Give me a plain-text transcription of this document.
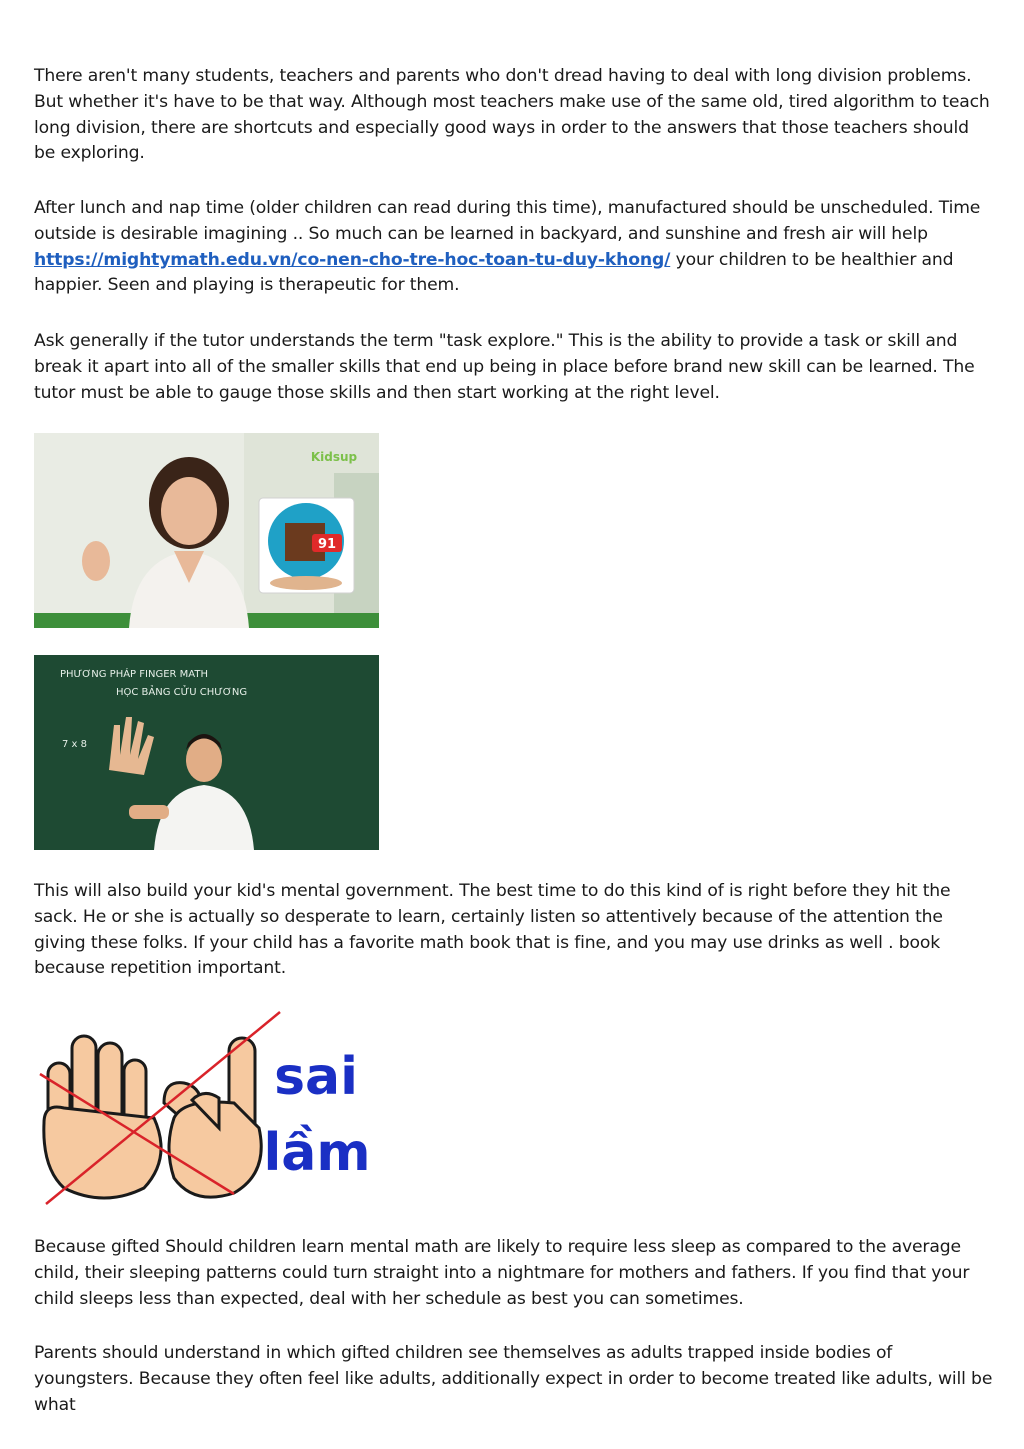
There aren't many students, teachers and parents who don't dread having to deal with long division problems. But whether it's have to be that way. Although most teachers make use of the same old, tired algorithm to teach long division, there are shortcuts and especially good ways in order to the answers that those teachers should be exploring.

After lunch and nap time (older children can read during this time), manufactured should be unscheduled. Time outside is desirable imagining .. So much can be learned in backyard, and sunshine and fresh air will help https://mightymath.edu.vn/co-nen-cho-tre-hoc-toan-tu-duy-khong/ your children to be healthier and happier. Seen and playing is therapeutic for them.

Ask generally if the tutor understands the term "task explore." This is the ability to provide a task or skill and break it apart into all of the smaller skills that end up being in place before brand new skill can be learned. The tutor must be able to gauge those skills and then start working at the right level.

91
Kidsup
PHƯƠNG PHÁP FINGER MATH
HỌC BẢNG CỬU CHƯƠNG
7 x 8

This will also build your kid's mental government. The best time to do this kind of is right before they hit the sack. He or she is actually so desperate to learn, certainly listen so attentively because of the attention the giving these folks. If your child has a favorite math book that is fine, and you may use drinks as well . book because repetition important.

sai
lầm

Because gifted Should children learn mental math are likely to require less sleep as compared to the average child, their sleeping patterns could turn straight into a nightmare for mothers and fathers. If you find that your child sleeps less than expected, deal with her schedule as best you can sometimes.

Parents should understand in which gifted children see themselves as adults trapped inside bodies of youngsters. Because they often feel like adults, additionally expect in order to become treated like adults, will be what
